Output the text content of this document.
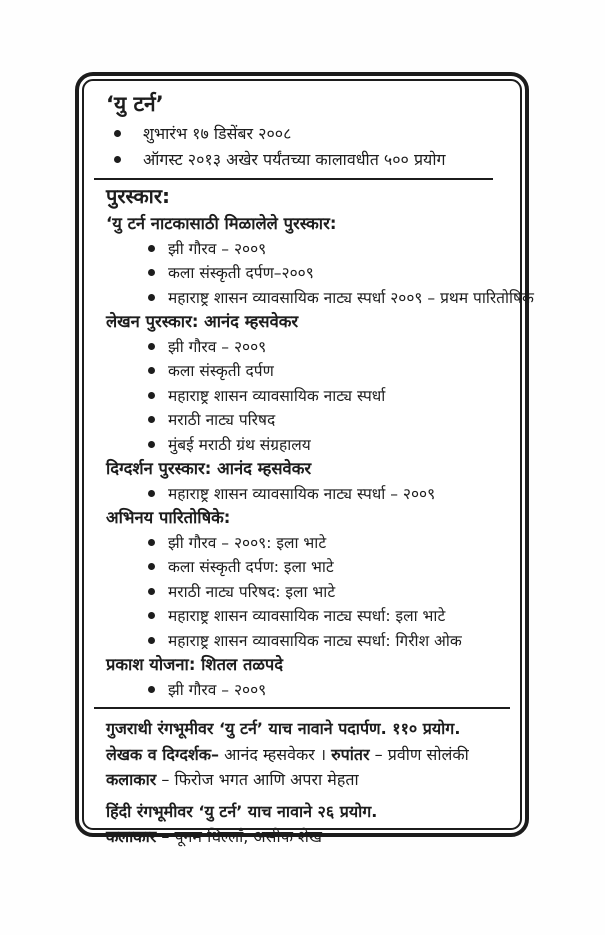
‘यु टर्न’
शुभारंभ १७ डिसेंबर २००८
ऑगस्ट २०१३ अखेर पर्यंतच्या कालावधीत ५०० प्रयोग
पुरस्कार:
‘यु टर्न नाटकासाठी मिळालेले पुरस्कार:
झी गौरव – २००९
कला संस्कृती दर्पण–२००९
महाराष्ट्र शासन व्यावसायिक नाट्य स्पर्धा २००९ – प्रथम पारितोषिक
लेखन पुरस्कार: आनंद म्हसवेकर
झी गौरव – २००९
कला संस्कृती दर्पण
महाराष्ट्र शासन व्यावसायिक नाट्य स्पर्धा
मराठी नाट्य परिषद
मुंबई मराठी ग्रंथ संग्रहालय
दिग्दर्शन पुरस्कार: आनंद म्हसवेकर
महाराष्ट्र शासन व्यावसायिक नाट्य स्पर्धा – २००९
अभिनय पारितोषिके:
झी गौरव – २००९: इला भाटे
कला संस्कृती दर्पण: इला भाटे
मराठी नाट्य परिषद: इला भाटे
महाराष्ट्र शासन व्यावसायिक नाट्य स्पर्धा: इला भाटे
महाराष्ट्र शासन व्यावसायिक नाट्य स्पर्धा: गिरीश ओक
प्रकाश योजना: शितल तळपदे
झी गौरव – २००९

गुजराथी रंगभूमीवर ‘यु टर्न’ याच नावाने पदार्पण. ११० प्रयोग.

लेखक व दिग्दर्शक– आनंद म्हसवेकर । रुपांतर – प्रवीण सोलंकी

कलाकार – फिरोज भगत आणि अपरा मेहता

हिंदी रंगभूमीवर ‘यु टर्न’ याच नावाने २६ प्रयोग.

कलाकार – पूनम धिल्लाँ, असीफ शेख
